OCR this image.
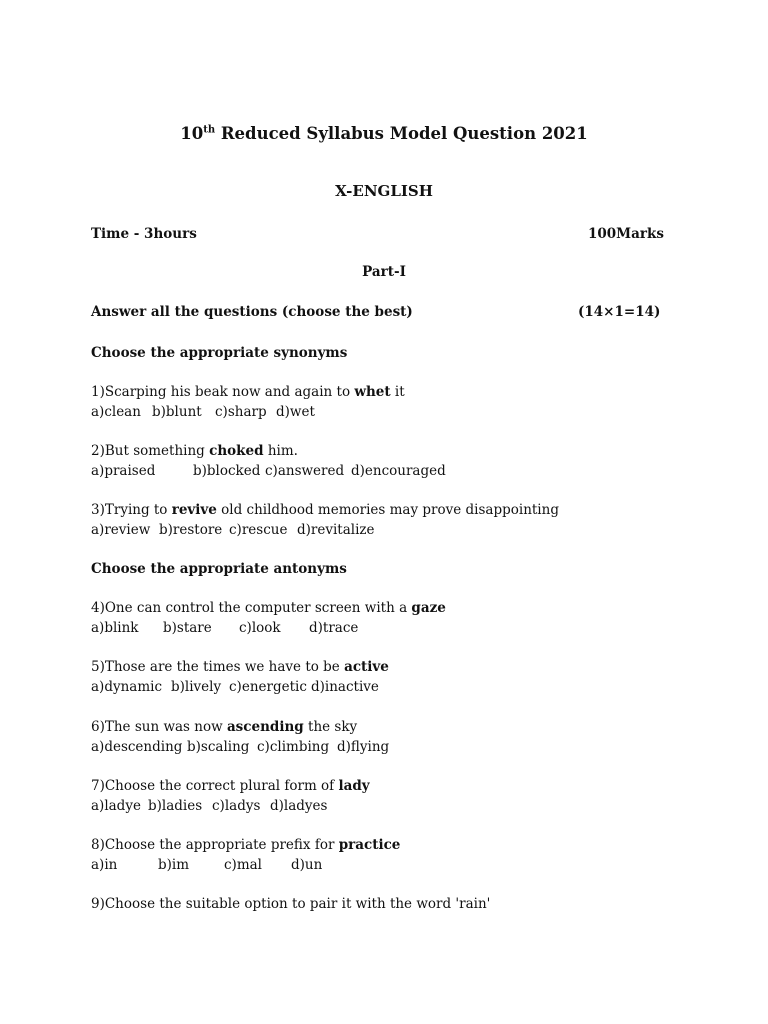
10th Reduced Syllabus Model Question 2021
X-ENGLISH
Time - 3hours	100Marks
Part-I
Answer all the questions (choose the best)	(14×1=14)
Choose the appropriate synonyms
1)Scarping his beak now and again to whet it
a)clean b)blunt c)sharp d)wet
2)But something choked him.
a)praised	b)blocked c)answered d)encouraged
3)Trying to revive old childhood memories may prove disappointing
a)review b)restore c)rescue d)revitalize
Choose the appropriate antonyms
4)One can control the computer screen with a gaze
a)blink b)stare c)look d)trace
5)Those are the times we have to be active
a)dynamic b)lively c)energetic d)inactive
6)The sun was now ascending the sky
a)descending b)scaling c)climbing d)flying
7)Choose the correct plural form of lady
a)ladye b)ladies c)ladys d)ladyes
8)Choose the appropriate prefix for practice
a)in	b)im	c)mal d)un
9)Choose the suitable option to pair it with the word 'rain'
